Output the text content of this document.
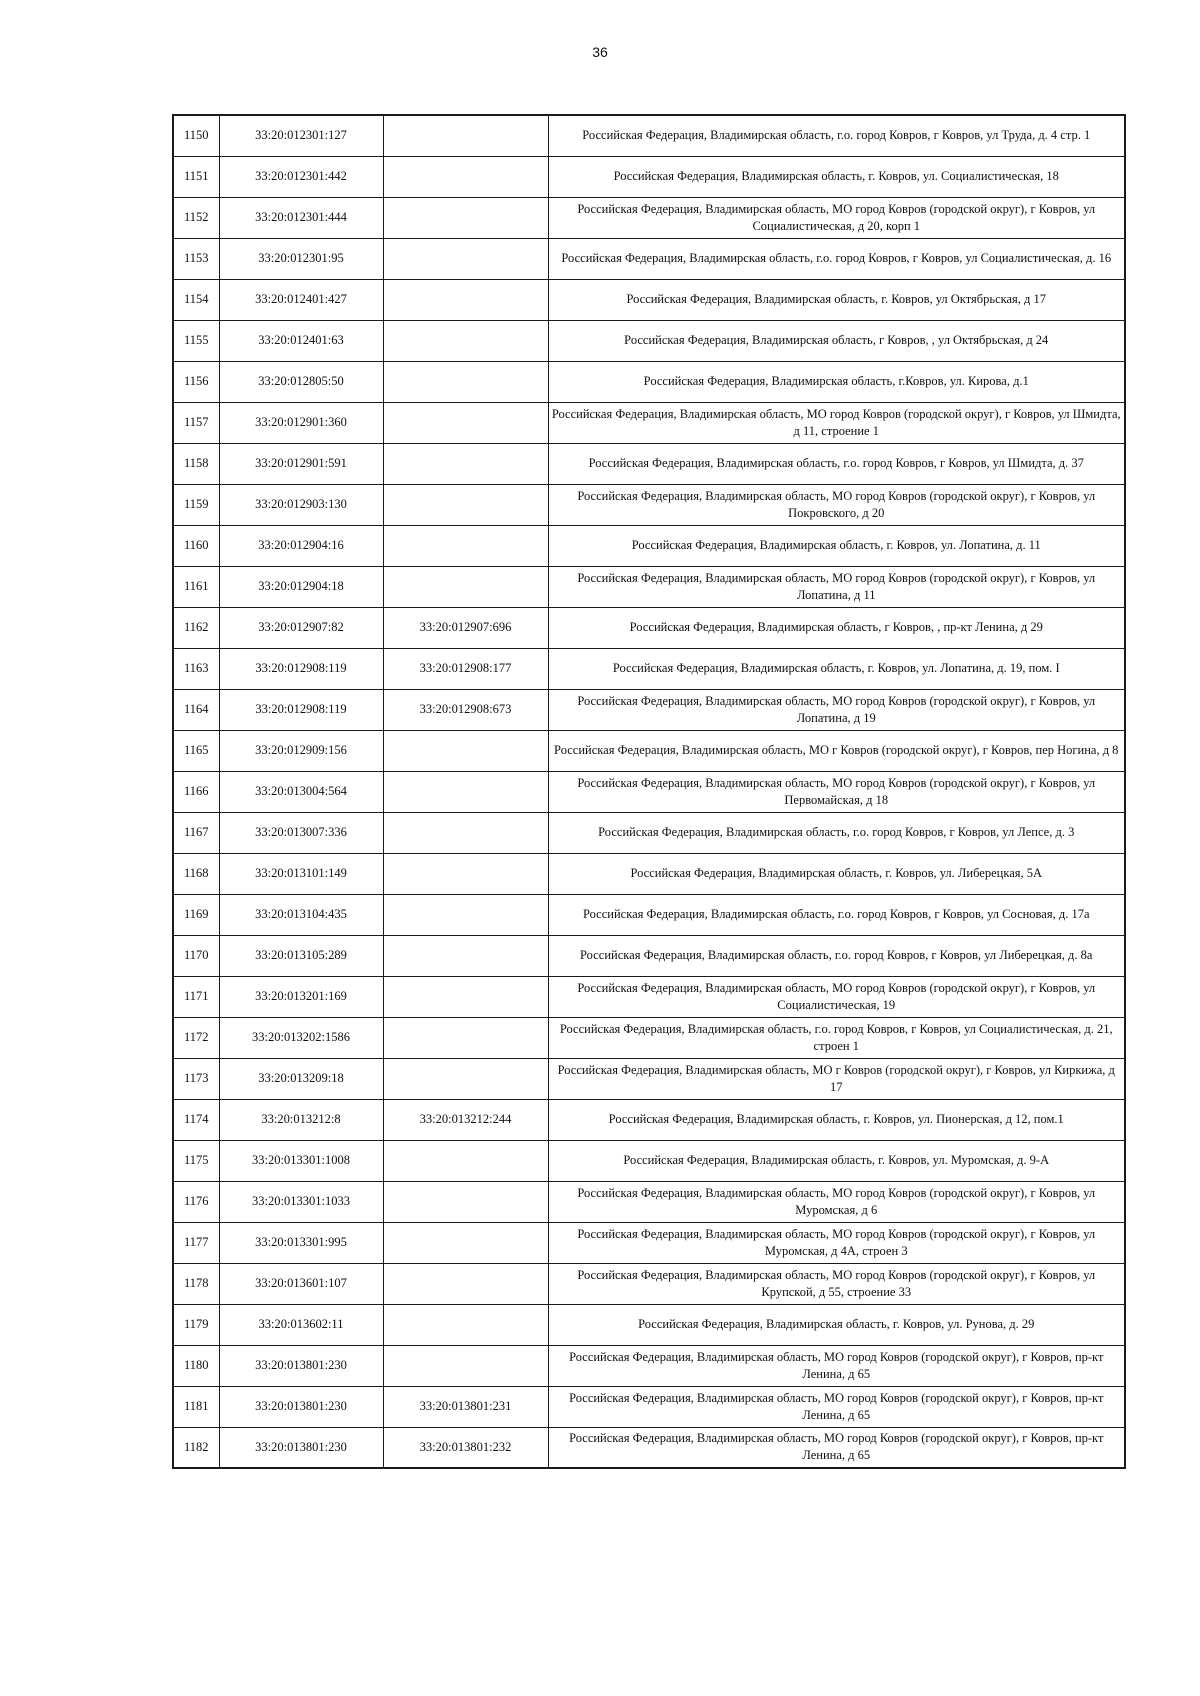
36
1150	33:20:012301:127		Российская Федерация, Владимирская область, г.о. город Ковров, г Ковров, ул Труда, д. 4 стр. 1
1151	33:20:012301:442		Российская Федерация, Владимирская область, г. Ковров, ул. Социалистическая, 18
1152	33:20:012301:444		Российская Федерация, Владимирская область, МО город Ковров (городской округ), г Ковров, ул Социалистическая, д 20, корп 1
1153	33:20:012301:95		Российская Федерация, Владимирская область, г.о. город Ковров, г Ковров, ул Социалистическая, д. 16
1154	33:20:012401:427		Российская Федерация, Владимирская область, г. Ковров, ул Октябрьская, д 17
1155	33:20:012401:63		Российская Федерация, Владимирская область, г Ковров, , ул Октябрьская, д 24
1156	33:20:012805:50		Российская Федерация, Владимирская область, г.Ковров, ул. Кирова, д.1
1157	33:20:012901:360		Российская Федерация, Владимирская область, МО город Ковров (городской округ), г Ковров, ул Шмидта, д 11, строение 1
1158	33:20:012901:591		Российская Федерация, Владимирская область, г.о. город Ковров, г Ковров, ул Шмидта, д. 37
1159	33:20:012903:130		Российская Федерация, Владимирская область, МО город Ковров (городской округ), г Ковров, ул Покровского, д 20
1160	33:20:012904:16		Российская Федерация, Владимирская область, г. Ковров, ул. Лопатина, д. 11
1161	33:20:012904:18		Российская Федерация, Владимирская область, МО город Ковров (городской округ), г Ковров, ул Лопатина, д 11
1162	33:20:012907:82	33:20:012907:696	Российская Федерация, Владимирская область, г Ковров, , пр-кт Ленина, д 29
1163	33:20:012908:119	33:20:012908:177	Российская Федерация, Владимирская область, г. Ковров, ул. Лопатина, д. 19, пом. I
1164	33:20:012908:119	33:20:012908:673	Российская Федерация, Владимирская область, МО город Ковров (городской округ), г Ковров, ул Лопатина, д 19
1165	33:20:012909:156		Российская Федерация, Владимирская область, МО г Ковров (городской округ), г Ковров, пер Ногина, д 8
1166	33:20:013004:564		Российская Федерация, Владимирская область, МО город Ковров (городской округ), г Ковров, ул Первомайская, д 18
1167	33:20:013007:336		Российская Федерация, Владимирская область, г.о. город Ковров, г Ковров, ул Лепсе, д. 3
1168	33:20:013101:149		Российская Федерация, Владимирская область, г. Ковров, ул. Либерецкая, 5А
1169	33:20:013104:435		Российская Федерация, Владимирская область, г.о. город Ковров, г Ковров, ул Сосновая, д. 17а
1170	33:20:013105:289		Российская Федерация, Владимирская область, г.о. город Ковров, г Ковров, ул Либерецкая, д. 8а
1171	33:20:013201:169		Российская Федерация, Владимирская область, МО город Ковров (городской округ), г Ковров, ул Социалистическая, 19
1172	33:20:013202:1586		Российская Федерация, Владимирская область, г.о. город Ковров, г Ковров, ул Социалистическая, д. 21, строен 1
1173	33:20:013209:18		Российская Федерация, Владимирская область, МО г Ковров (городской округ), г Ковров, ул Киркижа, д 17
1174	33:20:013212:8	33:20:013212:244	Российская Федерация, Владимирская область, г. Ковров, ул. Пионерская, д 12, пом.1
1175	33:20:013301:1008		Российская Федерация, Владимирская область, г. Ковров, ул. Муромская, д. 9-А
1176	33:20:013301:1033		Российская Федерация, Владимирская область, МО город Ковров (городской округ), г Ковров, ул Муромская, д 6
1177	33:20:013301:995		Российская Федерация, Владимирская область, МО город Ковров (городской округ), г Ковров, ул Муромская, д 4А, строен 3
1178	33:20:013601:107		Российская Федерация, Владимирская область, МО город Ковров (городской округ), г Ковров, ул Крупской, д 55, строение 33
1179	33:20:013602:11		Российская Федерация, Владимирская область, г. Ковров, ул. Рунова, д. 29
1180	33:20:013801:230		Российская Федерация, Владимирская область, МО город Ковров (городской округ), г Ковров, пр-кт Ленина, д 65
1181	33:20:013801:230	33:20:013801:231	Российская Федерация, Владимирская область, МО город Ковров (городской округ), г Ковров, пр-кт Ленина, д 65
1182	33:20:013801:230	33:20:013801:232	Российская Федерация, Владимирская область, МО город Ковров (городской округ), г Ковров, пр-кт Ленина, д 65
